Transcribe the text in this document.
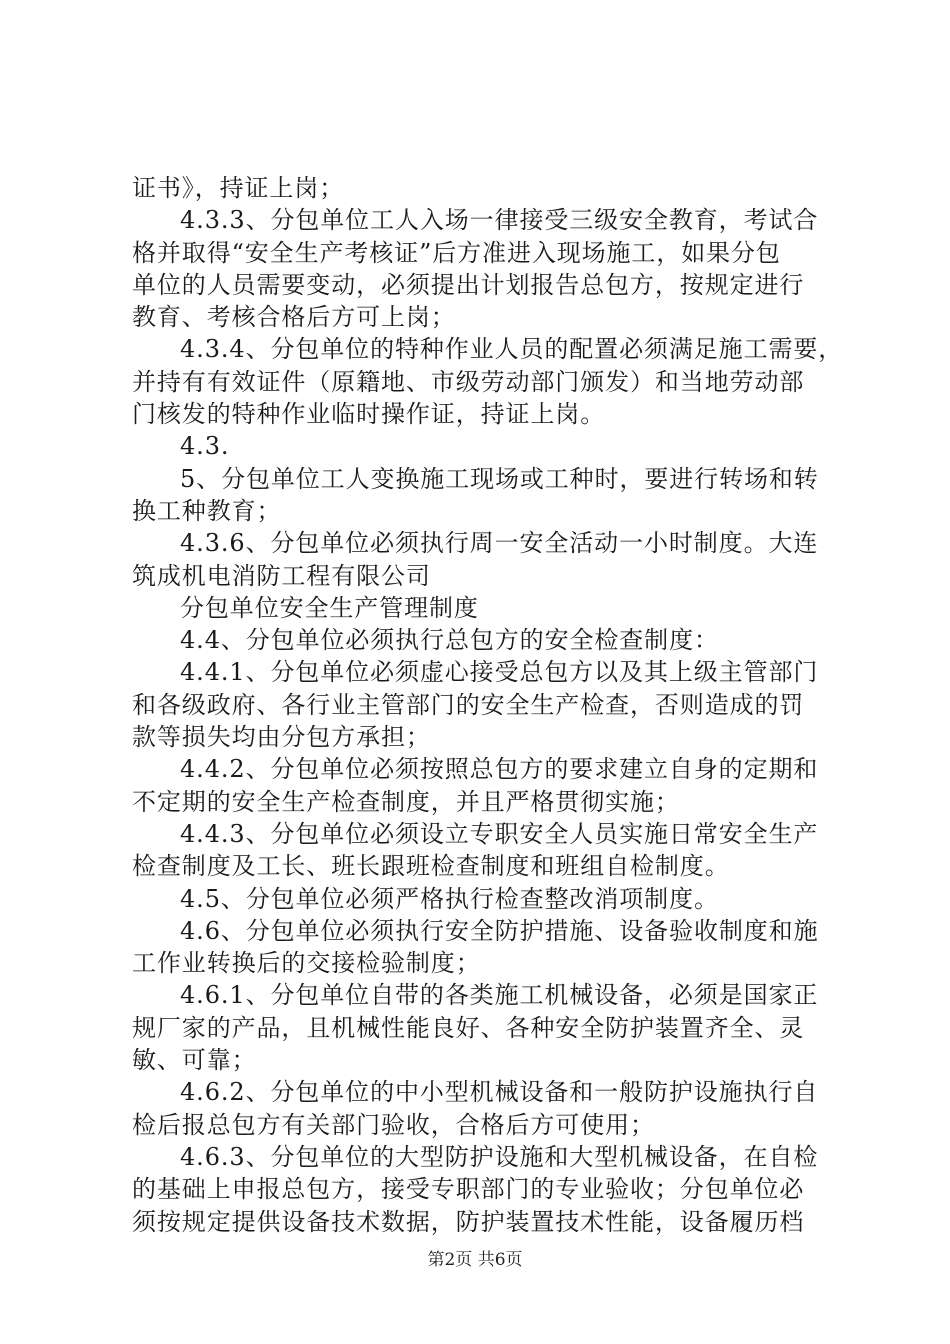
证书》，持证上岗；
4.3.3、分包单位工人入场一律接受三级安全教育，考试合
格并取得“安全生产考核证”后方准进入现场施工，如果分包
单位的人员需要变动，必须提出计划报告总包方，按规定进行
教育、考核合格后方可上岗；
4.3.4、分包单位的特种作业人员的配置必须满足施工需要，
并持有有效证件（原籍地、市级劳动部门颁发）和当地劳动部
门核发的特种作业临时操作证，持证上岗。
4.3.
5、分包单位工人变换施工现场或工种时，要进行转场和转
换工种教育；
4.3.6、分包单位必须执行周一安全活动一小时制度。大连
筑成机电消防工程有限公司
分包单位安全生产管理制度
4.4、分包单位必须执行总包方的安全检查制度：
4.4.1、分包单位必须虚心接受总包方以及其上级主管部门
和各级政府、各行业主管部门的安全生产检查，否则造成的罚
款等损失均由分包方承担；
4.4.2、分包单位必须按照总包方的要求建立自身的定期和
不定期的安全生产检查制度，并且严格贯彻实施；
4.4.3、分包单位必须设立专职安全人员实施日常安全生产
检查制度及工长、班长跟班检查制度和班组自检制度。
4.5、分包单位必须严格执行检查整改消项制度。
4.6、分包单位必须执行安全防护措施、设备验收制度和施
工作业转换后的交接检验制度；
4.6.1、分包单位自带的各类施工机械设备，必须是国家正
规厂家的产品，且机械性能良好、各种安全防护装置齐全、灵
敏、可靠；
4.6.2、分包单位的中小型机械设备和一般防护设施执行自
检后报总包方有关部门验收，合格后方可使用；
4.6.3、分包单位的大型防护设施和大型机械设备，在自检
的基础上申报总包方，接受专职部门的专业验收；分包单位必
须按规定提供设备技术数据，防护装置技术性能，设备履历档
第2页 共6页
